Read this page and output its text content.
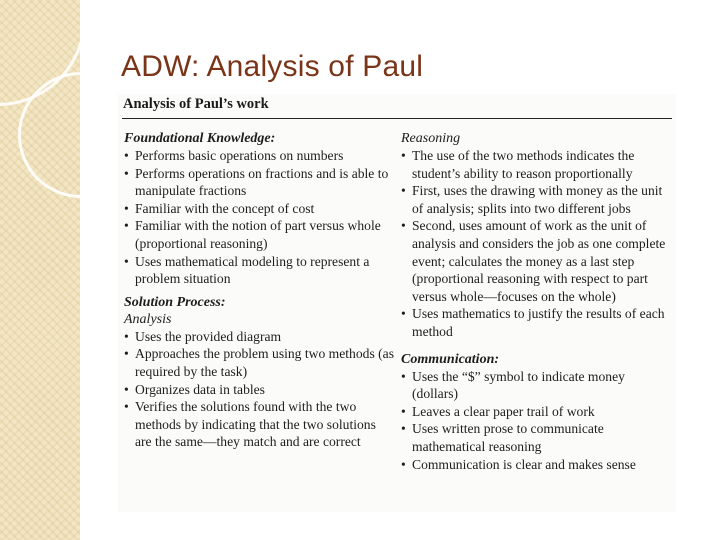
ADW: Analysis of Paul
Analysis of Paul’s work
Foundational Knowledge:
• Performs basic operations on numbers
• Performs operations on fractions and is able to manipulate fractions
• Familiar with the concept of cost
• Familiar with the notion of part versus whole (proportional reasoning)
• Uses mathematical modeling to represent a problem situation
Solution Process:
Analysis
• Uses the provided diagram
• Approaches the problem using two methods (as required by the task)
• Organizes data in tables
• Verifies the solutions found with the two methods by indicating that the two solutions are the same—they match and are correct
Reasoning
• The use of the two methods indicates the student’s ability to reason proportionally
• First, uses the drawing with money as the unit of analysis; splits into two different jobs
• Second, uses amount of work as the unit of analysis and considers the job as one complete event; calculates the money as a last step (proportional reasoning with respect to part versus whole—focuses on the whole)
• Uses mathematics to justify the results of each method
Communication:
• Uses the “$” symbol to indicate money (dollars)
• Leaves a clear paper trail of work
• Uses written prose to communicate mathematical reasoning
• Communication is clear and makes sense
